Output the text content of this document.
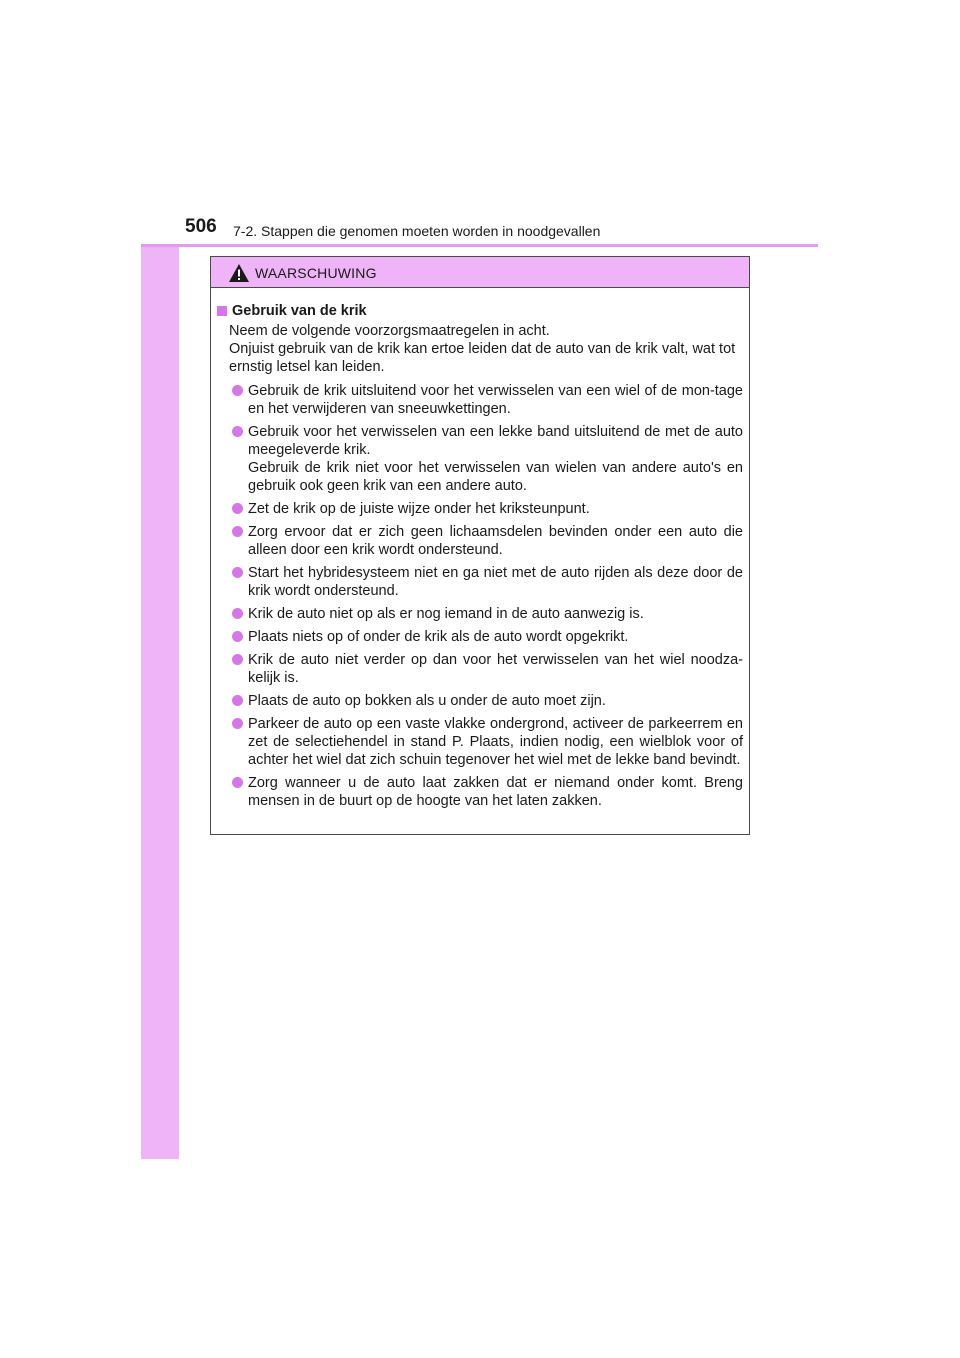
506 7-2. Stappen die genomen moeten worden in noodgevallen
WAARSCHUWING
Gebruik van de krik

Neem de volgende voorzorgsmaatregelen in acht.

Onjuist gebruik van de krik kan ertoe leiden dat de auto van de krik valt, wat tot ernstig letsel kan leiden.

Gebruik de krik uitsluitend voor het verwisselen van een wiel of de mon-tage en het verwijderen van sneeuwkettingen.
Gebruik voor het verwisselen van een lekke band uitsluitend de met de auto meegeleverde krik.
Gebruik de krik niet voor het verwisselen van wielen van andere auto's en gebruik ook geen krik van een andere auto.
Zet de krik op de juiste wijze onder het kriksteunpunt.
Zorg ervoor dat er zich geen lichaamsdelen bevinden onder een auto die alleen door een krik wordt ondersteund.
Start het hybridesysteem niet en ga niet met de auto rijden als deze door de krik wordt ondersteund.
Krik de auto niet op als er nog iemand in de auto aanwezig is.
Plaats niets op of onder de krik als de auto wordt opgekrikt.
Krik de auto niet verder op dan voor het verwisselen van het wiel noodza-kelijk is.
Plaats de auto op bokken als u onder de auto moet zijn.
Parkeer de auto op een vaste vlakke ondergrond, activeer de parkeerrem en zet de selectiehendel in stand P. Plaats, indien nodig, een wielblok voor of achter het wiel dat zich schuin tegenover het wiel met de lekke band bevindt.
Zorg wanneer u de auto laat zakken dat er niemand onder komt. Breng mensen in de buurt op de hoogte van het laten zakken.
